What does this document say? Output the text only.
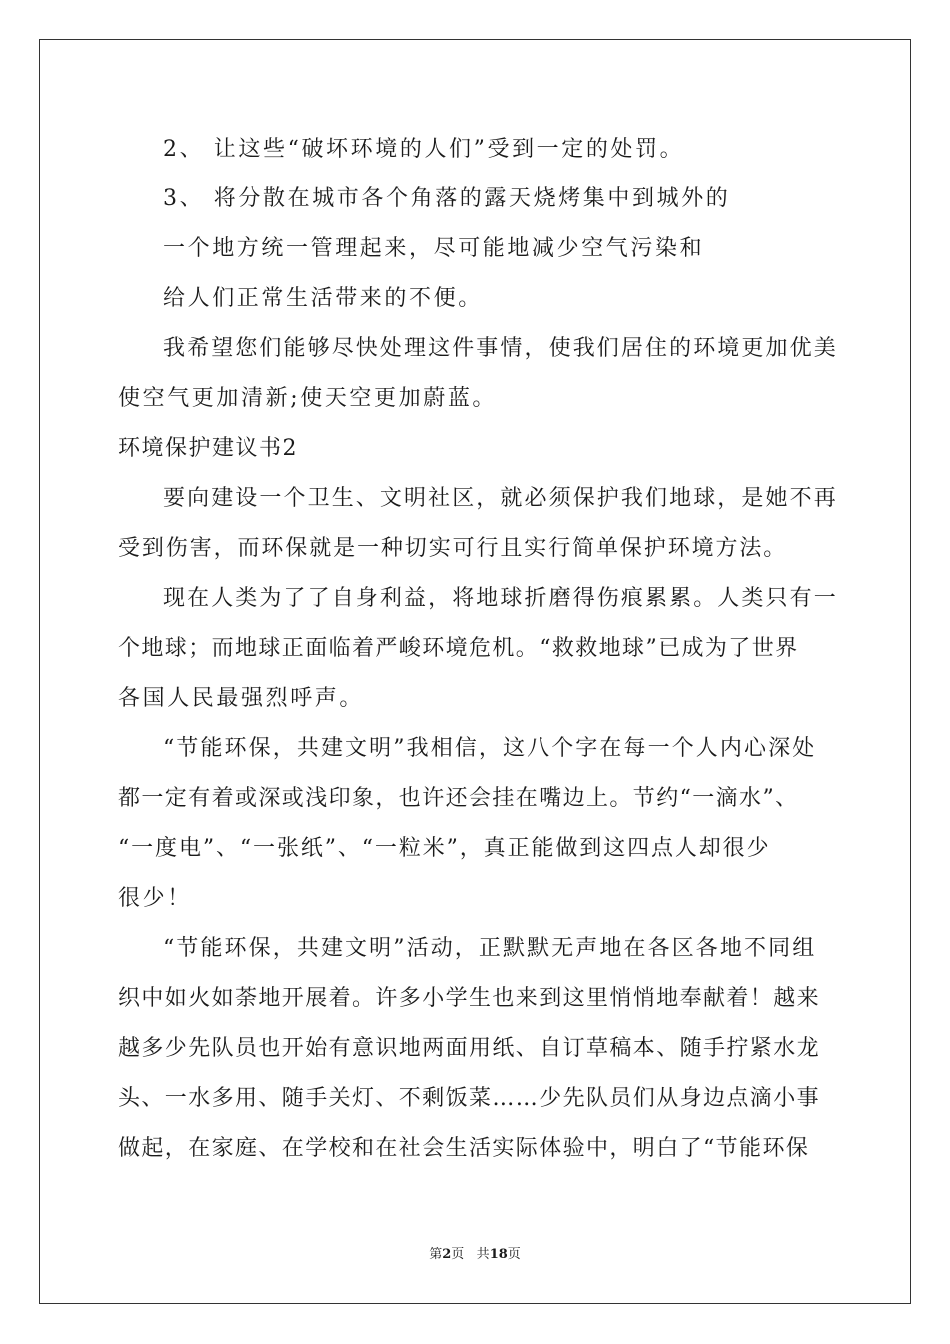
2、 让这些“破坏环境的人们”受到一定的处罚。
3、 将分散在城市各个角落的露天烧烤集中到城外的
一个地方统一管理起来，尽可能地减少空气污染和
给人们正常生活带来的不便。
我希望您们能够尽快处理这件事情，使我们居住的环境更加优美
使空气更加清新;使天空更加蔚蓝。
环境保护建议书2
要向建设一个卫生、文明社区，就必须保护我们地球，是她不再
受到伤害，而环保就是一种切实可行且实行简单保护环境方法。
现在人类为了了自身利益，将地球折磨得伤痕累累。人类只有一
个地球；而地球正面临着严峻环境危机。“救救地球”已成为了世界
各国人民最强烈呼声。
“节能环保，共建文明”我相信，这八个字在每一个人内心深处
都一定有着或深或浅印象，也许还会挂在嘴边上。节约“一滴水”、
“一度电”、“一张纸”、“一粒米”，真正能做到这四点人却很少
很少！
“节能环保，共建文明”活动，正默默无声地在各区各地不同组
织中如火如荼地开展着。许多小学生也来到这里悄悄地奉献着！越来
越多少先队员也开始有意识地两面用纸、自订草稿本、随手拧紧水龙
头、一水多用、随手关灯、不剩饭菜……少先队员们从身边点滴小事
做起，在家庭、在学校和在社会生活实际体验中，明白了“节能环保
第2页 共18页
